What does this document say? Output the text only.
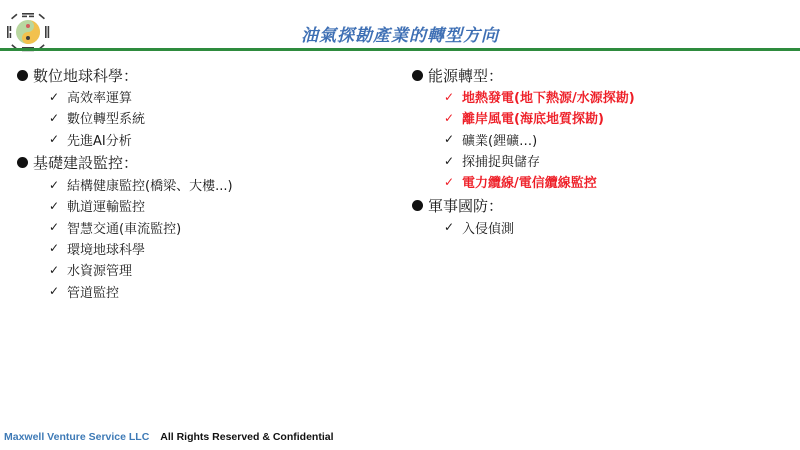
油氣探勘產業的轉型方向
數位地球科學：
✓ 高效率運算
✓ 數位轉型系統
✓ 先進AI分析
基礎建設監控：
✓ 結構健康監控(橋梁、大樓...)
✓ 軌道運輸監控
✓ 智慧交通(車流監控)
✓ 環境地球科學
✓ 水資源管理
✓ 管道監控
能源轉型：
✓ 地熱發電(地下熱源/水源探勘)
✓ 離岸風電(海底地質探勘)
✓ 礦業(鋰礦…)
✓ 探捕捉與儲存
✓ 電力纜線/電信纜線監控
軍事國防：
✓ 入侵偵測
Maxwell Venture Service LLC All Rights Reserved & Confidential
